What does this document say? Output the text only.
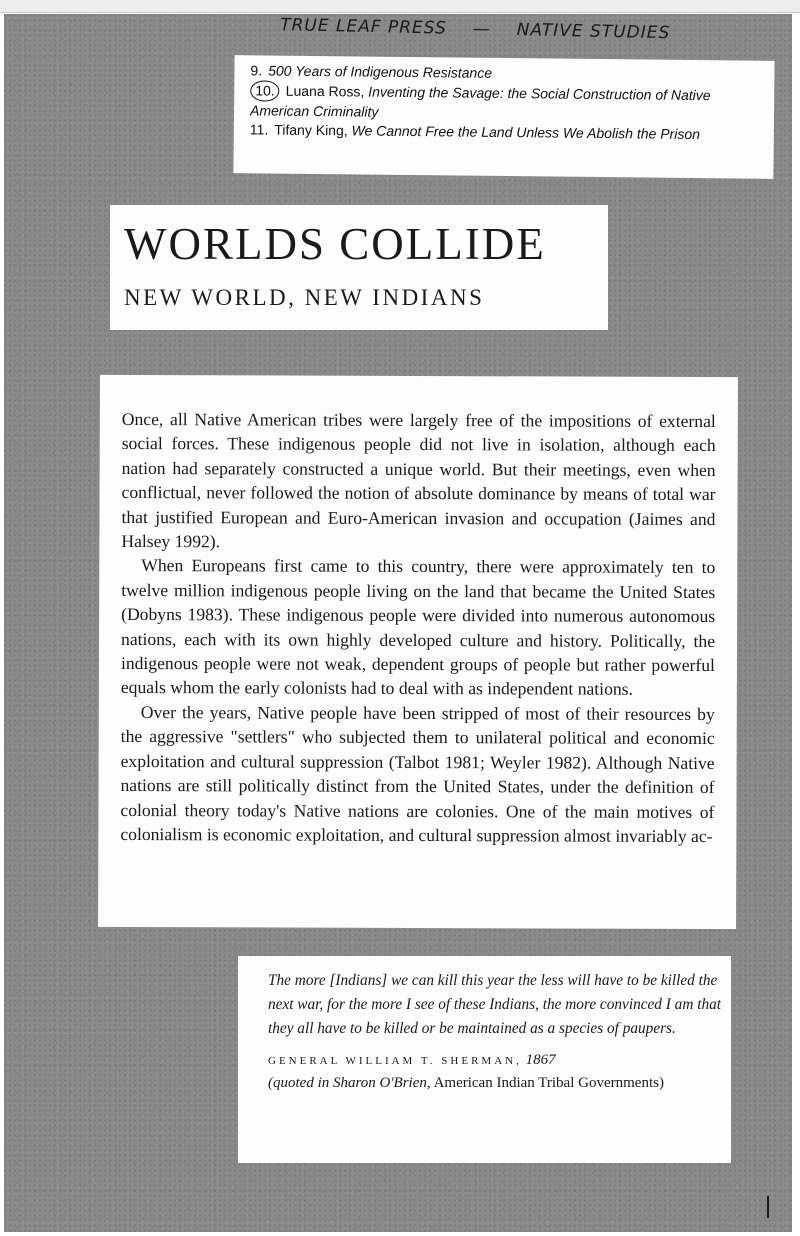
TRUE LEAF PRESS — NATIVE STUDIES

9. 500 Years of Indigenous Resistance

10. Luana Ross, Inventing the Savage: the Social Construction of Native American Criminality

11. Tifany King, We Cannot Free the Land Unless We Abolish the Prison

WORLDS COLLIDE
NEW WORLD, NEW INDIANS

Once, all Native American tribes were largely free of the impositions of external social forces. These indigenous people did not live in isolation, although each nation had separately constructed a unique world. But their meetings, even when conflictual, never followed the notion of absolute dominance by means of total war that justified European and Euro-American invasion and occupation (Jaimes and Halsey 1992).

When Europeans first came to this country, there were approximately ten to twelve million indigenous people living on the land that became the United States (Dobyns 1983). These indigenous people were divided into numerous autonomous nations, each with its own highly developed culture and history. Politically, the indigenous people were not weak, dependent groups of people but rather powerful equals whom the early colonists had to deal with as independent nations.

Over the years, Native people have been stripped of most of their resources by the aggressive "settlers" who subjected them to unilateral political and economic exploitation and cultural suppression (Talbot 1981; Weyler 1982). Although Native nations are still politically distinct from the United States, under the definition of colonial theory today's Native nations are colonies. One of the main motives of colonialism is economic exploitation, and cultural suppression almost invariably ac-

The more [Indians] we can kill this year the less will have to be killed the next war, for the more I see of these Indians, the more convinced I am that they all have to be killed or be maintained as a species of paupers.

GENERAL WILLIAM T. SHERMAN, 1867
(quoted in Sharon O'Brien, American Indian Tribal Governments)
